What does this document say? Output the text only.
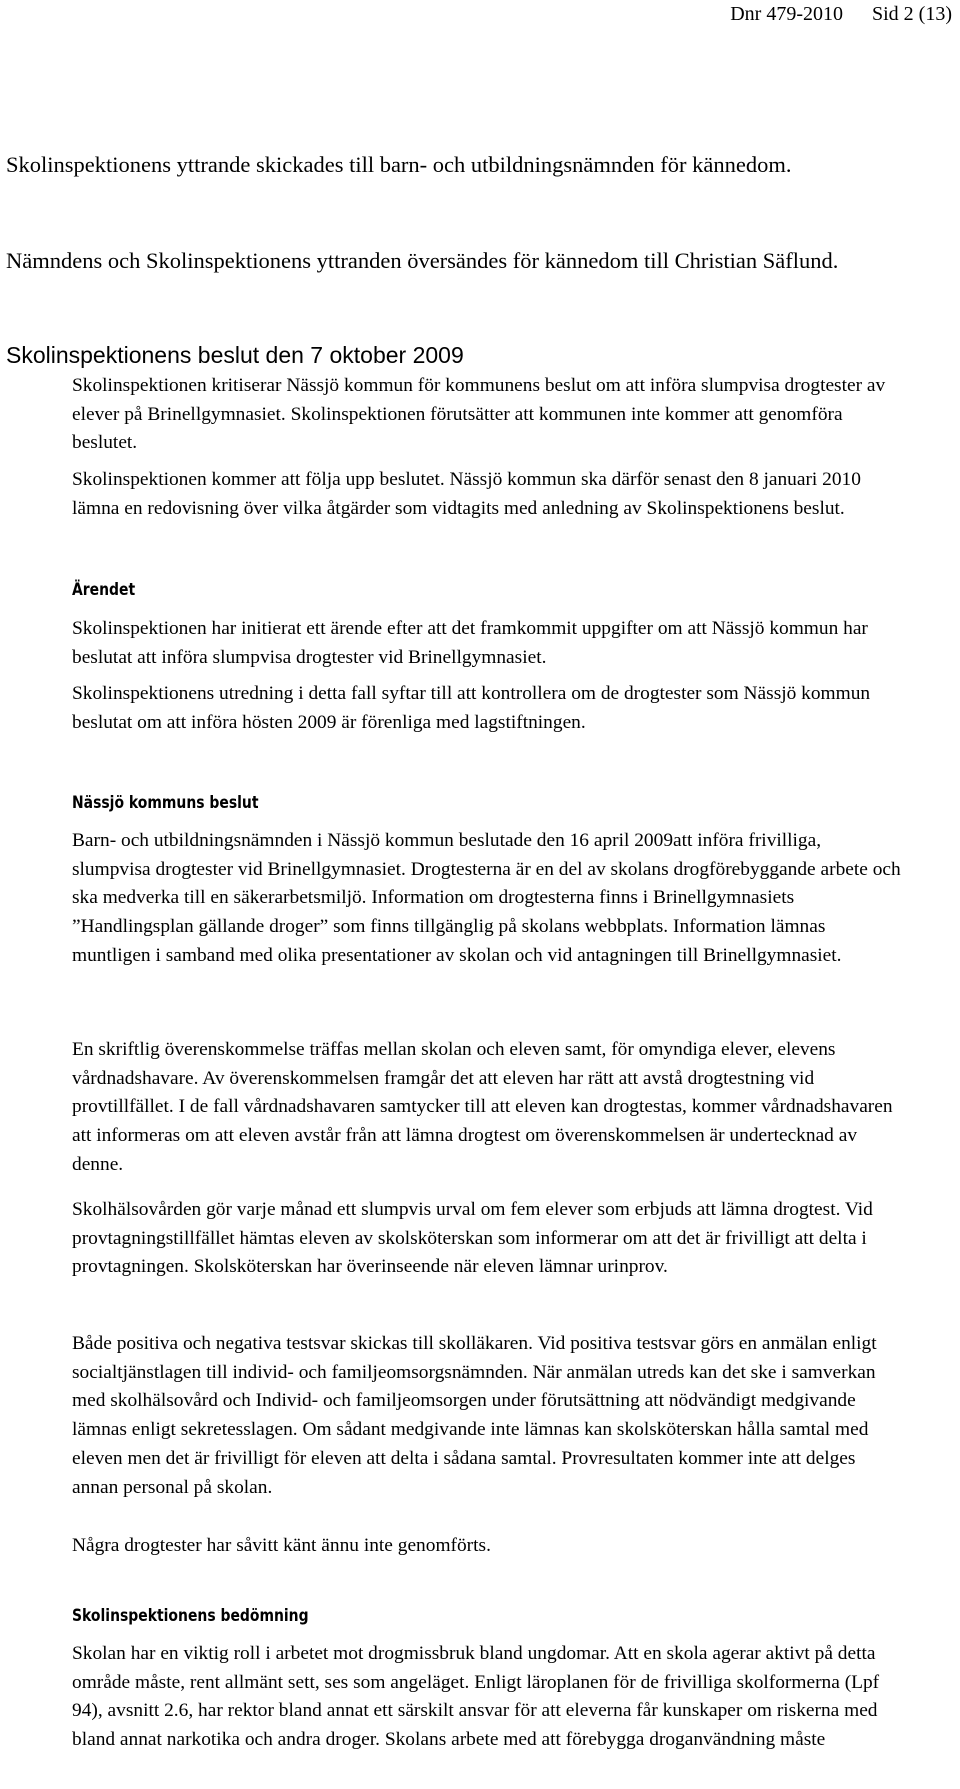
Dnr 479-2010 Sid 2 (13)

Skolinspektionens yttrande skickades till barn- och utbildningsnämnden för kännedom.

Nämndens och Skolinspektionens yttranden översändes för kännedom till Christian Säflund.

Skolinspektionens beslut den 7 oktober 2009

Skolinspektionen kritiserar Nässjö kommun för kommunens beslut om att införa slumpvisa drogtester av elever på Brinellgymnasiet. Skolinspektionen förutsätter att kommunen inte kommer att genomföra beslutet.

Skolinspektionen kommer att följa upp beslutet. Nässjö kommun ska därför senast den 8 januari 2010 lämna en redovisning över vilka åtgärder som vidtagits med anledning av Skolinspektionens beslut.

Ärendet

Skolinspektionen har initierat ett ärende efter att det framkommit uppgifter om att Nässjö kommun har beslutat att införa slumpvisa drogtester vid Brinellgymnasiet.

Skolinspektionens utredning i detta fall syftar till att kontrollera om de drogtester som Nässjö kommun beslutat om att införa hösten 2009 är förenliga med lagstiftningen.

Nässjö kommuns beslut

Barn- och utbildningsnämnden i Nässjö kommun beslutade den 16 april 2009att införa frivilliga, slumpvisa drogtester vid Brinellgymnasiet. Drogtesterna är en del av skolans drogförebyggande arbete och ska medverka till en säkerarbetsmiljö. Information om drogtesterna finns i Brinellgymnasiets ”Handlingsplan gällande droger” som finns tillgänglig på skolans webbplats. Information lämnas muntligen i samband med olika presentationer av skolan och vid antagningen till Brinellgymnasiet.

En skriftlig överenskommelse träffas mellan skolan och eleven samt, för omyndiga elever, elevens vårdnadshavare. Av överenskommelsen framgår det att eleven har rätt att avstå drogtestning vid provtillfället. I de fall vårdnadshavaren samtycker till att eleven kan drogtestas, kommer vårdnadshavaren att informeras om att eleven avstår från att lämna drogtest om överenskommelsen är undertecknad av denne.

Skolhälsovården gör varje månad ett slumpvis urval om fem elever som erbjuds att lämna drogtest. Vid provtagningstillfället hämtas eleven av skolsköterskan som informerar om att det är frivilligt att delta i provtagningen. Skolsköterskan har överinseende när eleven lämnar urinprov.

Både positiva och negativa testsvar skickas till skolläkaren. Vid positiva testsvar görs en anmälan enligt socialtjänstlagen till individ- och familjeomsorgsnämnden. När anmälan utreds kan det ske i samverkan med skolhälsovård och Individ- och familjeomsorgen under förutsättning att nödvändigt medgivande lämnas enligt sekretesslagen. Om sådant medgivande inte lämnas kan skolsköterskan hålla samtal med eleven men det är frivilligt för eleven att delta i sådana samtal. Provresultaten kommer inte att delges annan personal på skolan.

Några drogtester har såvitt känt ännu inte genomförts.

Skolinspektionens bedömning

Skolan har en viktig roll i arbetet mot drogmissbruk bland ungdomar. Att en skola agerar aktivt på detta område måste, rent allmänt sett, ses som angeläget. Enligt läroplanen för de frivilliga skolformerna (Lpf 94), avsnitt 2.6, har rektor bland annat ett särskilt ansvar för att eleverna får kunskaper om riskerna med bland annat narkotika och andra droger. Skolans arbete med att förebygga droganvändning måste
